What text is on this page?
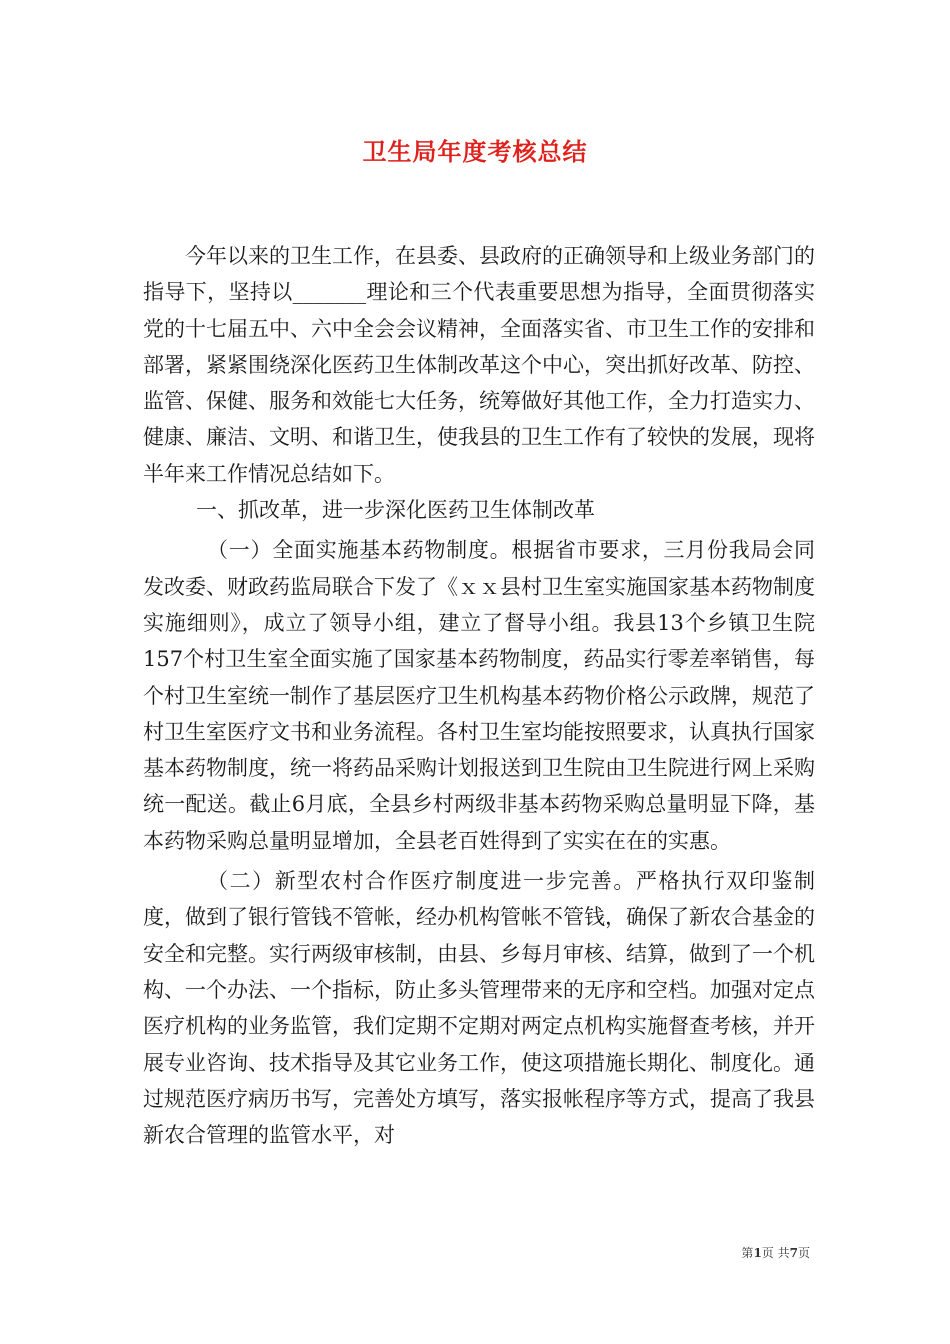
卫生局年度考核总结

今年以来的卫生工作，在县委、县政府的正确领导和上级业务部门的指导下，坚持以_______理论和三个代表重要思想为指导，全面贯彻落实党的十七届五中、六中全会会议精神，全面落实省、市卫生工作的安排和部署，紧紧围绕深化医药卫生体制改革这个中心，突出抓好改革、防控、监管、保健、服务和效能七大任务，统筹做好其他工作，全力打造实力、健康、廉洁、文明、和谐卫生，使我县的卫生工作有了较快的发展，现将半年来工作情况总结如下。

一、抓改革，进一步深化医药卫生体制改革

（一）全面实施基本药物制度。根据省市要求，三月份我局会同发改委、财政药监局联合下发了《ｘｘ县村卫生室实施国家基本药物制度实施细则》，成立了领导小组，建立了督导小组。我县13个乡镇卫生院157个村卫生室全面实施了国家基本药物制度，药品实行零差率销售，每个村卫生室统一制作了基层医疗卫生机构基本药物价格公示政牌，规范了村卫生室医疗文书和业务流程。各村卫生室均能按照要求，认真执行国家基本药物制度，统一将药品采购计划报送到卫生院由卫生院进行网上采购统一配送。截止6月底，全县乡村两级非基本药物采购总量明显下降，基本药物采购总量明显增加，全县老百姓得到了实实在在的实惠。

（二）新型农村合作医疗制度进一步完善。严格执行双印鉴制度，做到了银行管钱不管帐，经办机构管帐不管钱，确保了新农合基金的安全和完整。实行两级审核制，由县、乡每月审核、结算，做到了一个机构、一个办法、一个指标，防止多头管理带来的无序和空档。加强对定点医疗机构的业务监管，我们定期不定期对两定点机构实施督查考核，并开展专业咨询、技术指导及其它业务工作，使这项措施长期化、制度化。通过规范医疗病历书写，完善处方填写，落实报帐程序等方式，提高了我县新农合管理的监管水平，对

第1页 共7页
